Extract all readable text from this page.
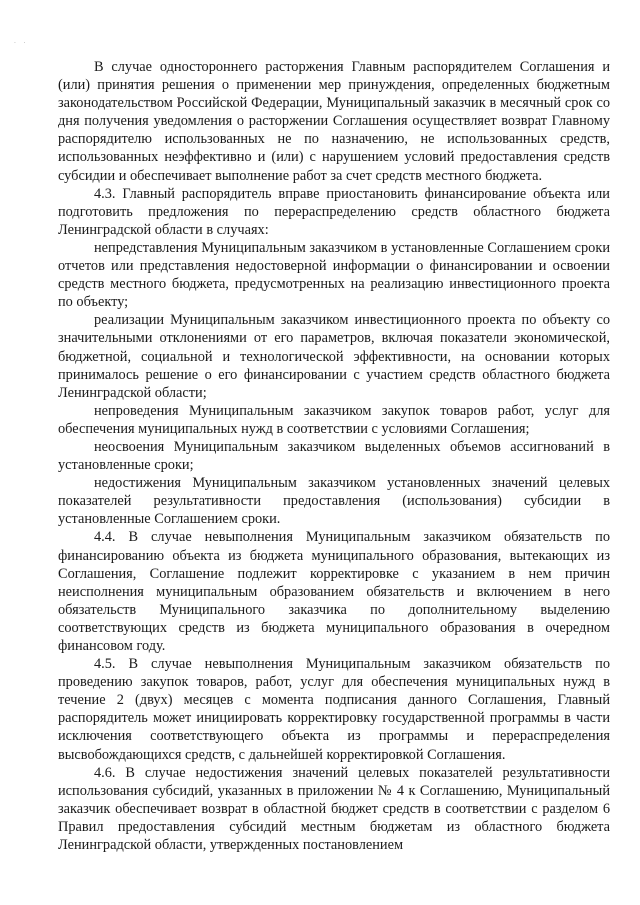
·    ·

В случае одностороннего расторжения Главным распорядителем Соглашения и (или) принятия решения о применении мер принуждения, определенных бюджетным законодательством Российской Федерации, Муниципальный заказчик в месячный срок со дня получения уведомления о расторжении Соглашения осуществляет возврат Главному распорядителю использованных не по назначению, не использованных средств, использованных неэффективно и (или) с нарушением условий предоставления средств субсидии и обеспечивает выполнение работ за счет средств местного бюджета.

4.3. Главный распорядитель вправе приостановить финансирование объекта или подготовить предложения по перераспределению средств областного бюджета Ленинградской области в случаях:

непредставления Муниципальным заказчиком в установленные Соглашением сроки отчетов или представления недостоверной информации о финансировании и освоении средств местного бюджета, предусмотренных на реализацию инвестиционного проекта по объекту;

реализации Муниципальным заказчиком инвестиционного проекта по объекту со значительными отклонениями от его параметров, включая показатели экономической, бюджетной, социальной и технологической эффективности, на основании которых принималось решение о его финансировании с участием средств областного бюджета Ленинградской области;

непроведения Муниципальным заказчиком закупок товаров работ, услуг для обеспечения муниципальных нужд в соответствии с условиями Соглашения;

неосвоения Муниципальным заказчиком выделенных объемов ассигнований в установленные сроки;

недостижения Муниципальным заказчиком установленных значений целевых показателей результативности предоставления (использования) субсидии в установленные Соглашением сроки.

4.4. В случае невыполнения Муниципальным заказчиком обязательств по финансированию объекта из бюджета муниципального образования, вытекающих из Соглашения, Соглашение подлежит корректировке с указанием в нем причин неисполнения муниципальным образованием обязательств и включением в него обязательств Муниципального заказчика по дополнительному выделению соответствующих средств из бюджета муниципального образования в очередном финансовом году.

4.5. В случае невыполнения Муниципальным заказчиком обязательств по проведению закупок товаров, работ, услуг для обеспечения муниципальных нужд в течение 2 (двух) месяцев с момента подписания данного Соглашения, Главный распорядитель может инициировать корректировку государственной программы в части исключения соответствующего объекта из программы и перераспределения высвобождающихся средств, с дальнейшей корректировкой Соглашения.

4.6. В случае недостижения значений целевых показателей результативности использования субсидий, указанных в приложении № 4 к Соглашению, Муниципальный заказчик обеспечивает возврат в областной бюджет средств в соответствии с разделом 6 Правил предоставления субсидий местным бюджетам из областного бюджета Ленинградской области, утвержденных постановлением
